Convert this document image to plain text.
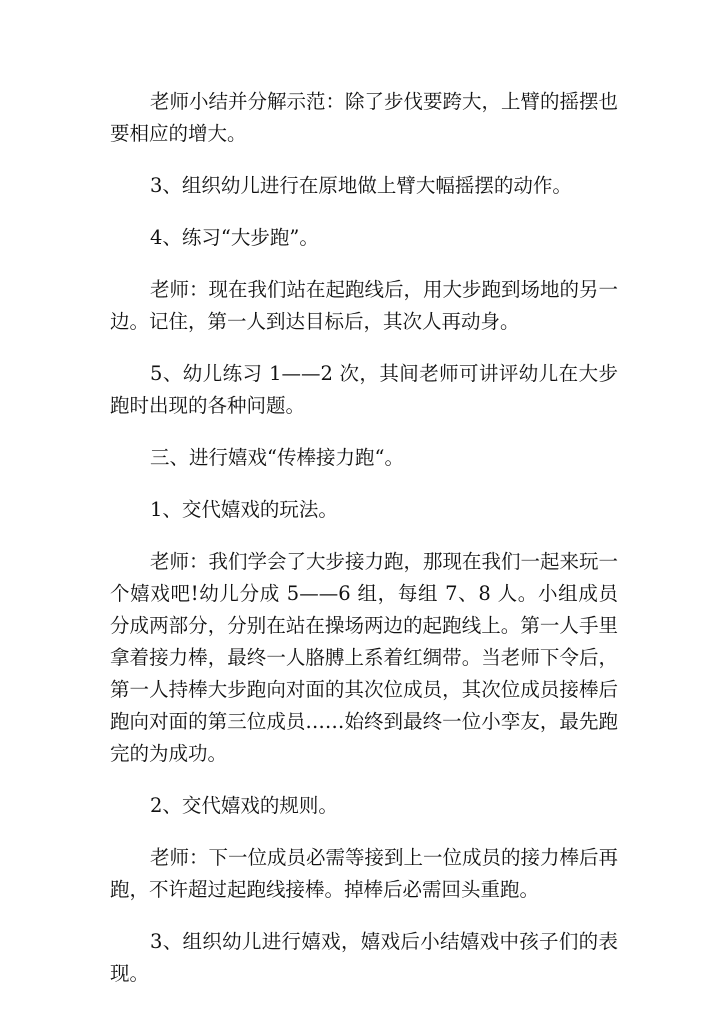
老师小结并分解示范：除了步伐要跨大，上臂的摇摆也要相应的增大。

3、组织幼儿进行在原地做上臂大幅摇摆的动作。

4、练习“大步跑”。

老师：现在我们站在起跑线后，用大步跑到场地的另一边。记住，第一人到达目标后，其次人再动身。

5、幼儿练习 1——2 次，其间老师可讲评幼儿在大步跑时出现的各种问题。

三、进行嬉戏“传棒接力跑“。

1、交代嬉戏的玩法。

老师：我们学会了大步接力跑，那现在我们一起来玩一个嬉戏吧!幼儿分成 5——6 组，每组 7、8 人。小组成员分成两部分，分别在站在操场两边的起跑线上。第一人手里拿着接力棒，最终一人胳膊上系着红绸带。当老师下令后，第一人持棒大步跑向对面的其次位成员，其次位成员接棒后跑向对面的第三位成员……始终到最终一位小孪友，最先跑完的为成功。

2、交代嬉戏的规则。

老师：下一位成员必需等接到上一位成员的接力棒后再跑，不许超过起跑线接棒。掉棒后必需回头重跑。

3、组织幼儿进行嬉戏，嬉戏后小结嬉戏中孩子们的表现。
